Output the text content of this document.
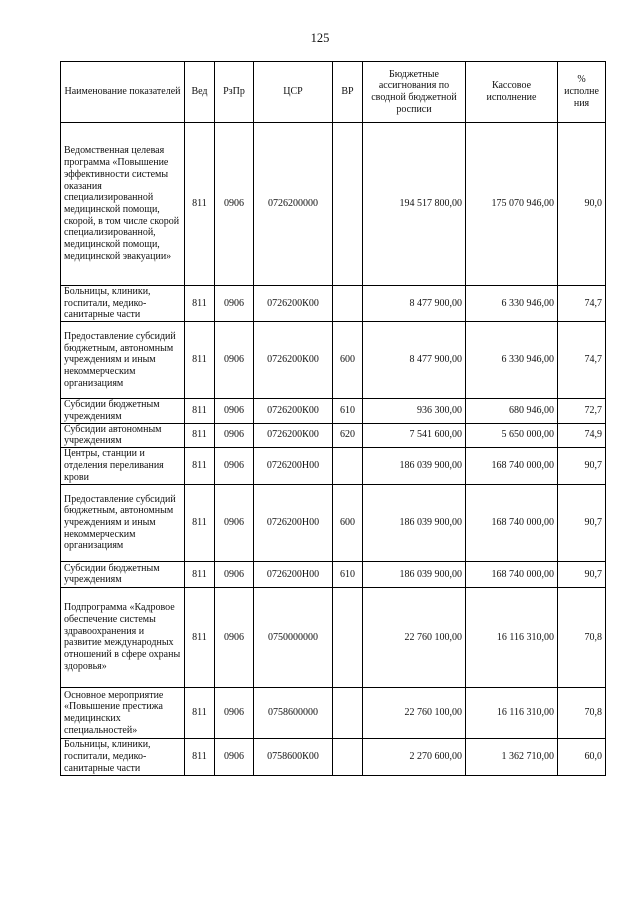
125
Наименование показателей	Вед	РзПр	ЦСР	ВР	Бюджетные ассигнования по сводной бюджетной росписи	Кассовое исполнение	% исполне ния
Ведомственная целевая программа «Повышение эффективности системы оказания специализированной медицинской помощи, скорой, в том числе скорой специализированной, медицинской помощи, медицинской эвакуации»	811	0906	0726200000		194 517 800,00	175 070 946,00	90,0
Больницы, клиники, госпитали, медико-санитарные части	811	0906	0726200К00		8 477 900,00	6 330 946,00	74,7
Предоставление субсидий бюджетным, автономным учреждениям и иным некоммерческим организациям	811	0906	0726200К00	600	8 477 900,00	6 330 946,00	74,7
Субсидии бюджетным учреждениям	811	0906	0726200К00	610	936 300,00	680 946,00	72,7
Субсидии автономным учреждениям	811	0906	0726200К00	620	7 541 600,00	5 650 000,00	74,9
Центры, станции и отделения переливания крови	811	0906	0726200Н00		186 039 900,00	168 740 000,00	90,7
Предоставление субсидий бюджетным, автономным учреждениям и иным некоммерческим организациям	811	0906	0726200Н00	600	186 039 900,00	168 740 000,00	90,7
Субсидии бюджетным учреждениям	811	0906	0726200Н00	610	186 039 900,00	168 740 000,00	90,7
Подпрограмма «Кадровое обеспечение системы здравоохранения и развитие международных отношений в сфере охраны здоровья»	811	0906	0750000000		22 760 100,00	16 116 310,00	70,8
Основное мероприятие «Повышение престижа медицинских специальностей»	811	0906	0758600000		22 760 100,00	16 116 310,00	70,8
Больницы, клиники, госпитали, медико-санитарные части	811	0906	0758600К00		2 270 600,00	1 362 710,00	60,0
